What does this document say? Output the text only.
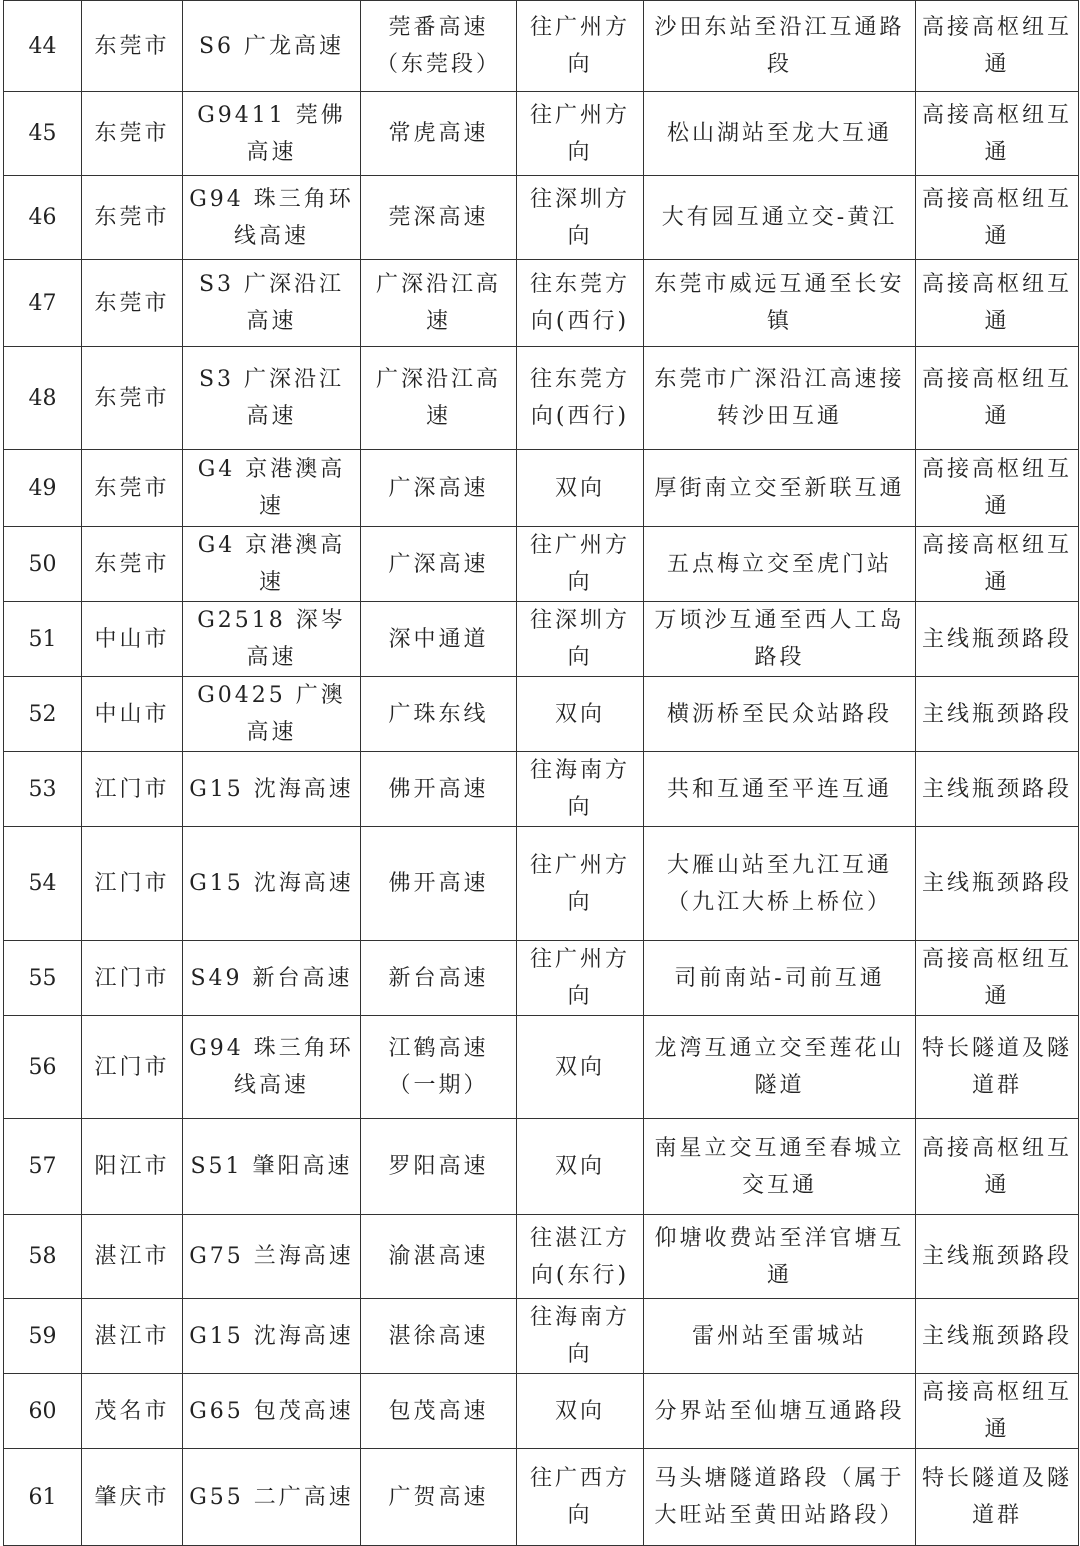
44	东莞市	S6 广龙高速	莞番高速（东莞段）	往广州方向	沙田东站至沿江互通路段	高接高枢纽互通
45	东莞市	G9411 莞佛高速	常虎高速	往广州方向	松山湖站至龙大互通	高接高枢纽互通
46	东莞市	G94 珠三角环线高速	莞深高速	往深圳方向	大有园互通立交-黄江	高接高枢纽互通
47	东莞市	S3 广深沿江高速	广深沿江高速	往东莞方向(西行)	东莞市威远互通至长安镇	高接高枢纽互通
48	东莞市	S3 广深沿江高速	广深沿江高速	往东莞方向(西行)	东莞市广深沿江高速接转沙田互通	高接高枢纽互通
49	东莞市	G4 京港澳高速	广深高速	双向	厚街南立交至新联互通	高接高枢纽互通
50	东莞市	G4 京港澳高速	广深高速	往广州方向	五点梅立交至虎门站	高接高枢纽互通
51	中山市	G2518 深岑高速	深中通道	往深圳方向	万顷沙互通至西人工岛路段	主线瓶颈路段
52	中山市	G0425 广澳高速	广珠东线	双向	横沥桥至民众站路段	主线瓶颈路段
53	江门市	G15 沈海高速	佛开高速	往海南方向	共和互通至平连互通	主线瓶颈路段
54	江门市	G15 沈海高速	佛开高速	往广州方向	大雁山站至九江互通（九江大桥上桥位）	主线瓶颈路段
55	江门市	S49 新台高速	新台高速	往广州方向	司前南站-司前互通	高接高枢纽互通
56	江门市	G94 珠三角环线高速	江鹤高速（一期）	双向	龙湾互通立交至莲花山隧道	特长隧道及隧道群
57	阳江市	S51 肇阳高速	罗阳高速	双向	南星立交互通至春城立交互通	高接高枢纽互通
58	湛江市	G75 兰海高速	渝湛高速	往湛江方向(东行)	仰塘收费站至洋官塘互通	主线瓶颈路段
59	湛江市	G15 沈海高速	湛徐高速	往海南方向	雷州站至雷城站	主线瓶颈路段
60	茂名市	G65 包茂高速	包茂高速	双向	分界站至仙塘互通路段	高接高枢纽互通
61	肇庆市	G55 二广高速	广贺高速	往广西方向	马头塘隧道路段（属于大旺站至黄田站路段）	特长隧道及隧道群
